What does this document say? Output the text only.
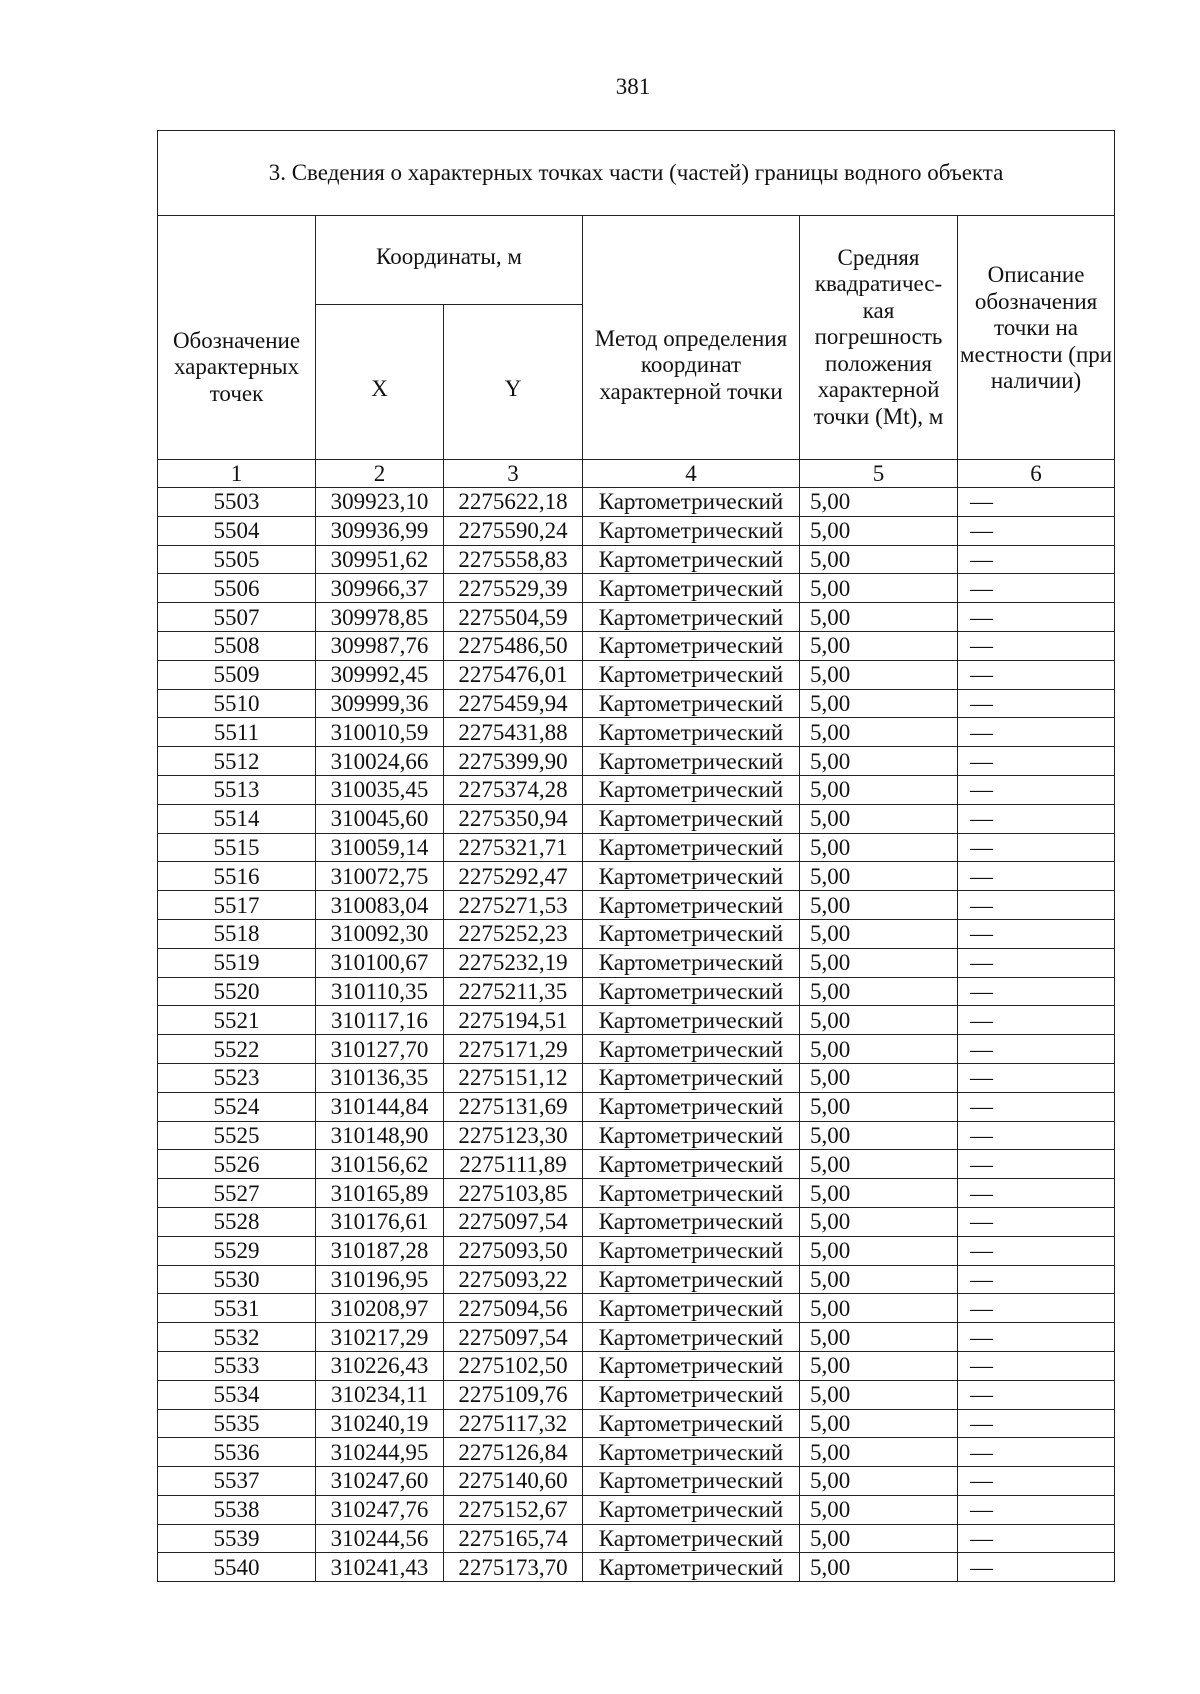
381
3. Сведения о характерных точках части (частей) границы водного объекта					
Обозначение характерных точек	Координаты, м		Метод определения координат характерной точки	Средняя квадратичес-кая погрешность положения характерной точки (Mt), м	Описание обозначения точки на местности (при наличии)
	X	Y			
1	2	3	4	5	6
5503	309923,10	2275622,18	Картометрический	5,00	—
5504	309936,99	2275590,24	Картометрический	5,00	—
5505	309951,62	2275558,83	Картометрический	5,00	—
5506	309966,37	2275529,39	Картометрический	5,00	—
5507	309978,85	2275504,59	Картометрический	5,00	—
5508	309987,76	2275486,50	Картометрический	5,00	—
5509	309992,45	2275476,01	Картометрический	5,00	—
5510	309999,36	2275459,94	Картометрический	5,00	—
5511	310010,59	2275431,88	Картометрический	5,00	—
5512	310024,66	2275399,90	Картометрический	5,00	—
5513	310035,45	2275374,28	Картометрический	5,00	—
5514	310045,60	2275350,94	Картометрический	5,00	—
5515	310059,14	2275321,71	Картометрический	5,00	—
5516	310072,75	2275292,47	Картометрический	5,00	—
5517	310083,04	2275271,53	Картометрический	5,00	—
5518	310092,30	2275252,23	Картометрический	5,00	—
5519	310100,67	2275232,19	Картометрический	5,00	—
5520	310110,35	2275211,35	Картометрический	5,00	—
5521	310117,16	2275194,51	Картометрический	5,00	—
5522	310127,70	2275171,29	Картометрический	5,00	—
5523	310136,35	2275151,12	Картометрический	5,00	—
5524	310144,84	2275131,69	Картометрический	5,00	—
5525	310148,90	2275123,30	Картометрический	5,00	—
5526	310156,62	2275111,89	Картометрический	5,00	—
5527	310165,89	2275103,85	Картометрический	5,00	—
5528	310176,61	2275097,54	Картометрический	5,00	—
5529	310187,28	2275093,50	Картометрический	5,00	—
5530	310196,95	2275093,22	Картометрический	5,00	—
5531	310208,97	2275094,56	Картометрический	5,00	—
5532	310217,29	2275097,54	Картометрический	5,00	—
5533	310226,43	2275102,50	Картометрический	5,00	—
5534	310234,11	2275109,76	Картометрический	5,00	—
5535	310240,19	2275117,32	Картометрический	5,00	—
5536	310244,95	2275126,84	Картометрический	5,00	—
5537	310247,60	2275140,60	Картометрический	5,00	—
5538	310247,76	2275152,67	Картометрический	5,00	—
5539	310244,56	2275165,74	Картометрический	5,00	—
5540	310241,43	2275173,70	Картометрический	5,00	—
